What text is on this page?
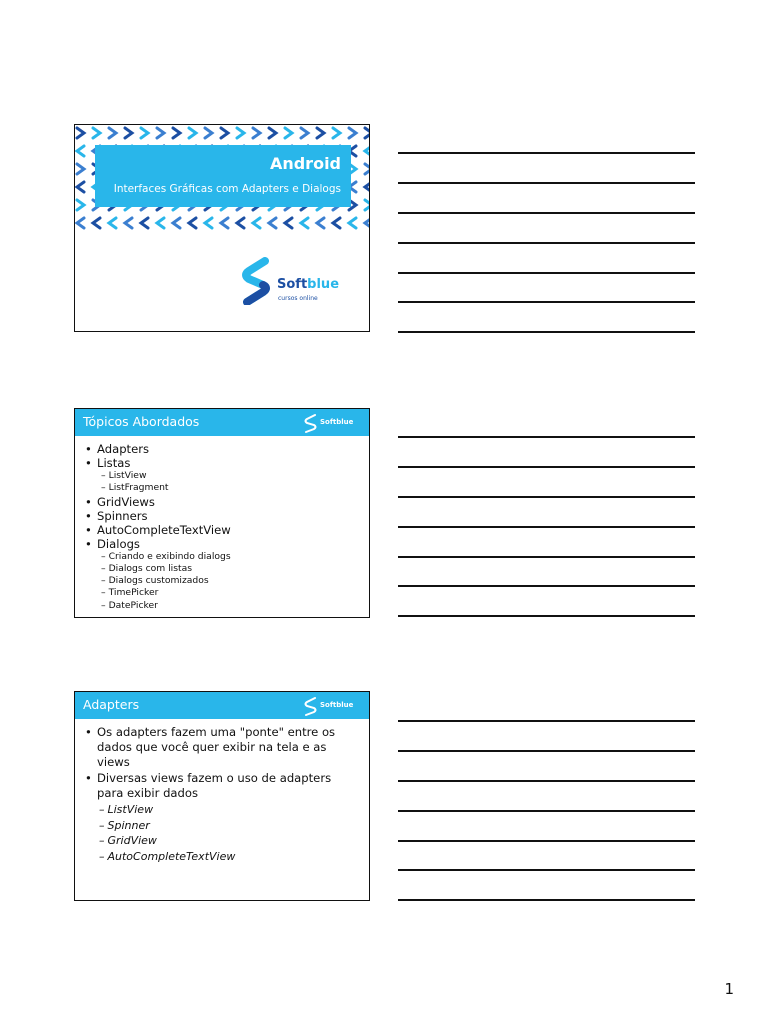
Android
Interfaces Gráficas com Adapters e Dialogs
Softblue
cursos online
Tópicos Abordados	Softblue
• Adapters
• Listas
– ListView
– ListFragment
• GridViews
• Spinners
• AutoCompleteTextView
• Dialogs
– Criando e exibindo dialogs
– Dialogs com listas
– Dialogs customizados
– TimePicker
– DatePicker
Adapters	Softblue
• Os adapters fazem uma "ponte" entre os dados que você quer exibir na tela e as views
• Diversas views fazem o uso de adapters para exibir dados
– ListView
– Spinner
– GridView
– AutoCompleteTextView
1
